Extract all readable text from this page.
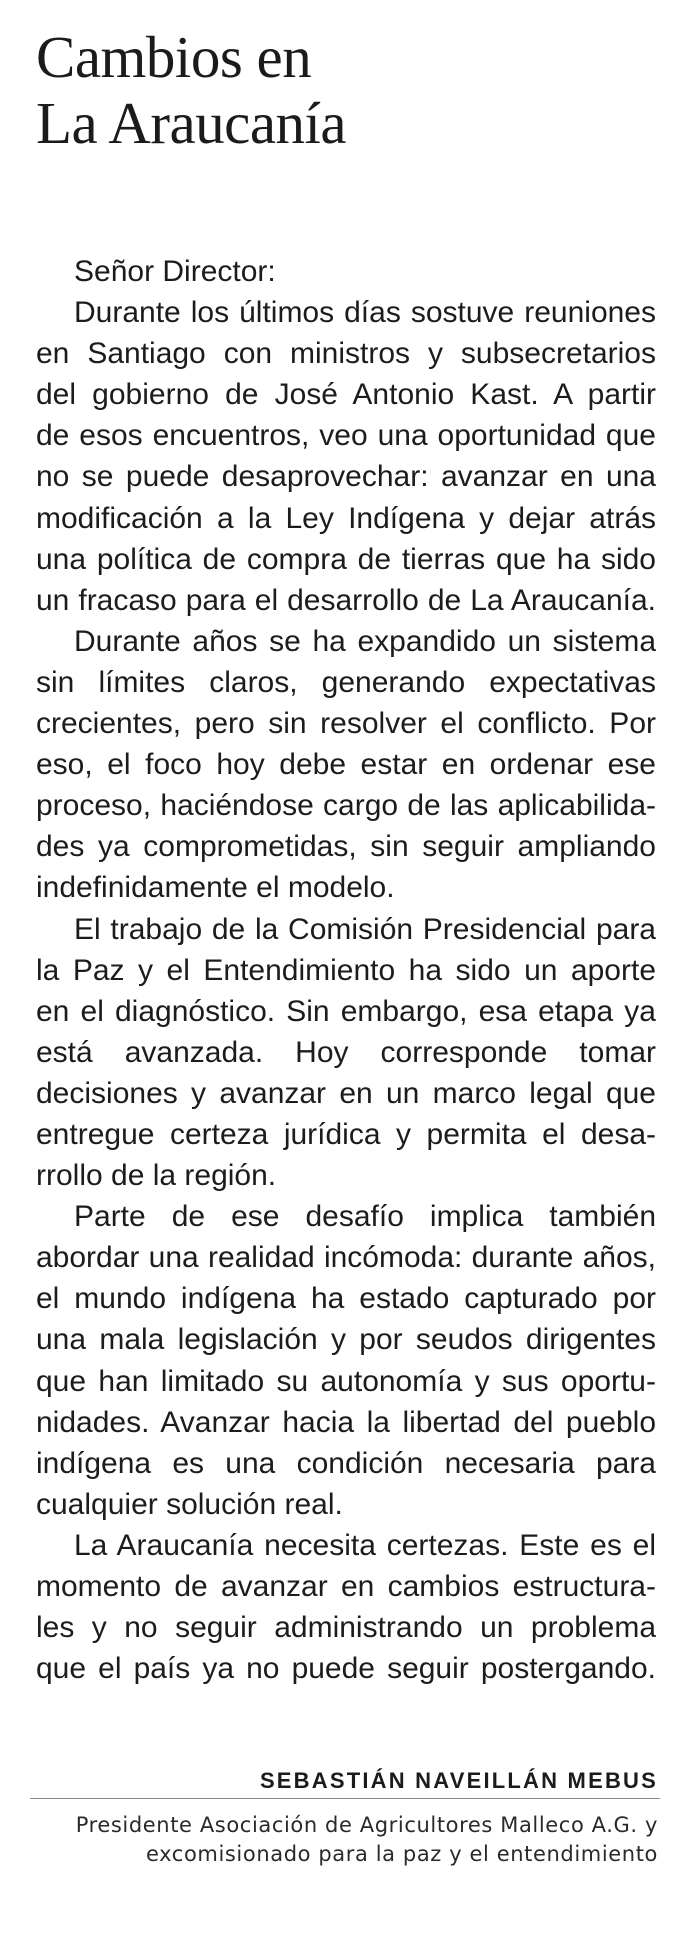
Cambios en
La Araucanía
Señor Director:
Durante los últimos días sostuve reuniones
en Santiago con ministros y subsecretarios
del gobierno de José Antonio Kast. A partir
de esos encuentros, veo una oportunidad que
no se puede desaprovechar: avanzar en una
modificación a la Ley Indígena y dejar atrás
una política de compra de tierras que ha sido
un fracaso para el desarrollo de La Araucanía.
Durante años se ha expandido un sistema
sin límites claros, generando expectativas
crecientes, pero sin resolver el conflicto. Por
eso, el foco hoy debe estar en ordenar ese
proceso, haciéndose cargo de las aplicabilida-
des ya comprometidas, sin seguir ampliando
indefinidamente el modelo.
El trabajo de la Comisión Presidencial para
la Paz y el Entendimiento ha sido un aporte
en el diagnóstico. Sin embargo, esa etapa ya
está avanzada. Hoy corresponde tomar
decisiones y avanzar en un marco legal que
entregue certeza jurídica y permita el desa-
rrollo de la región.
Parte de ese desafío implica también
abordar una realidad incómoda: durante años,
el mundo indígena ha estado capturado por
una mala legislación y por seudos dirigentes
que han limitado su autonomía y sus oportu-
nidades. Avanzar hacia la libertad del pueblo
indígena es una condición necesaria para
cualquier solución real.
La Araucanía necesita certezas. Este es el
momento de avanzar en cambios estructura-
les y no seguir administrando un problema
que el país ya no puede seguir postergando.

SEBASTIÁN NAVEILLÁN MEBUS

Presidente Asociación de Agricultores Malleco A.G. y
excomisionado para la paz y el entendimiento
